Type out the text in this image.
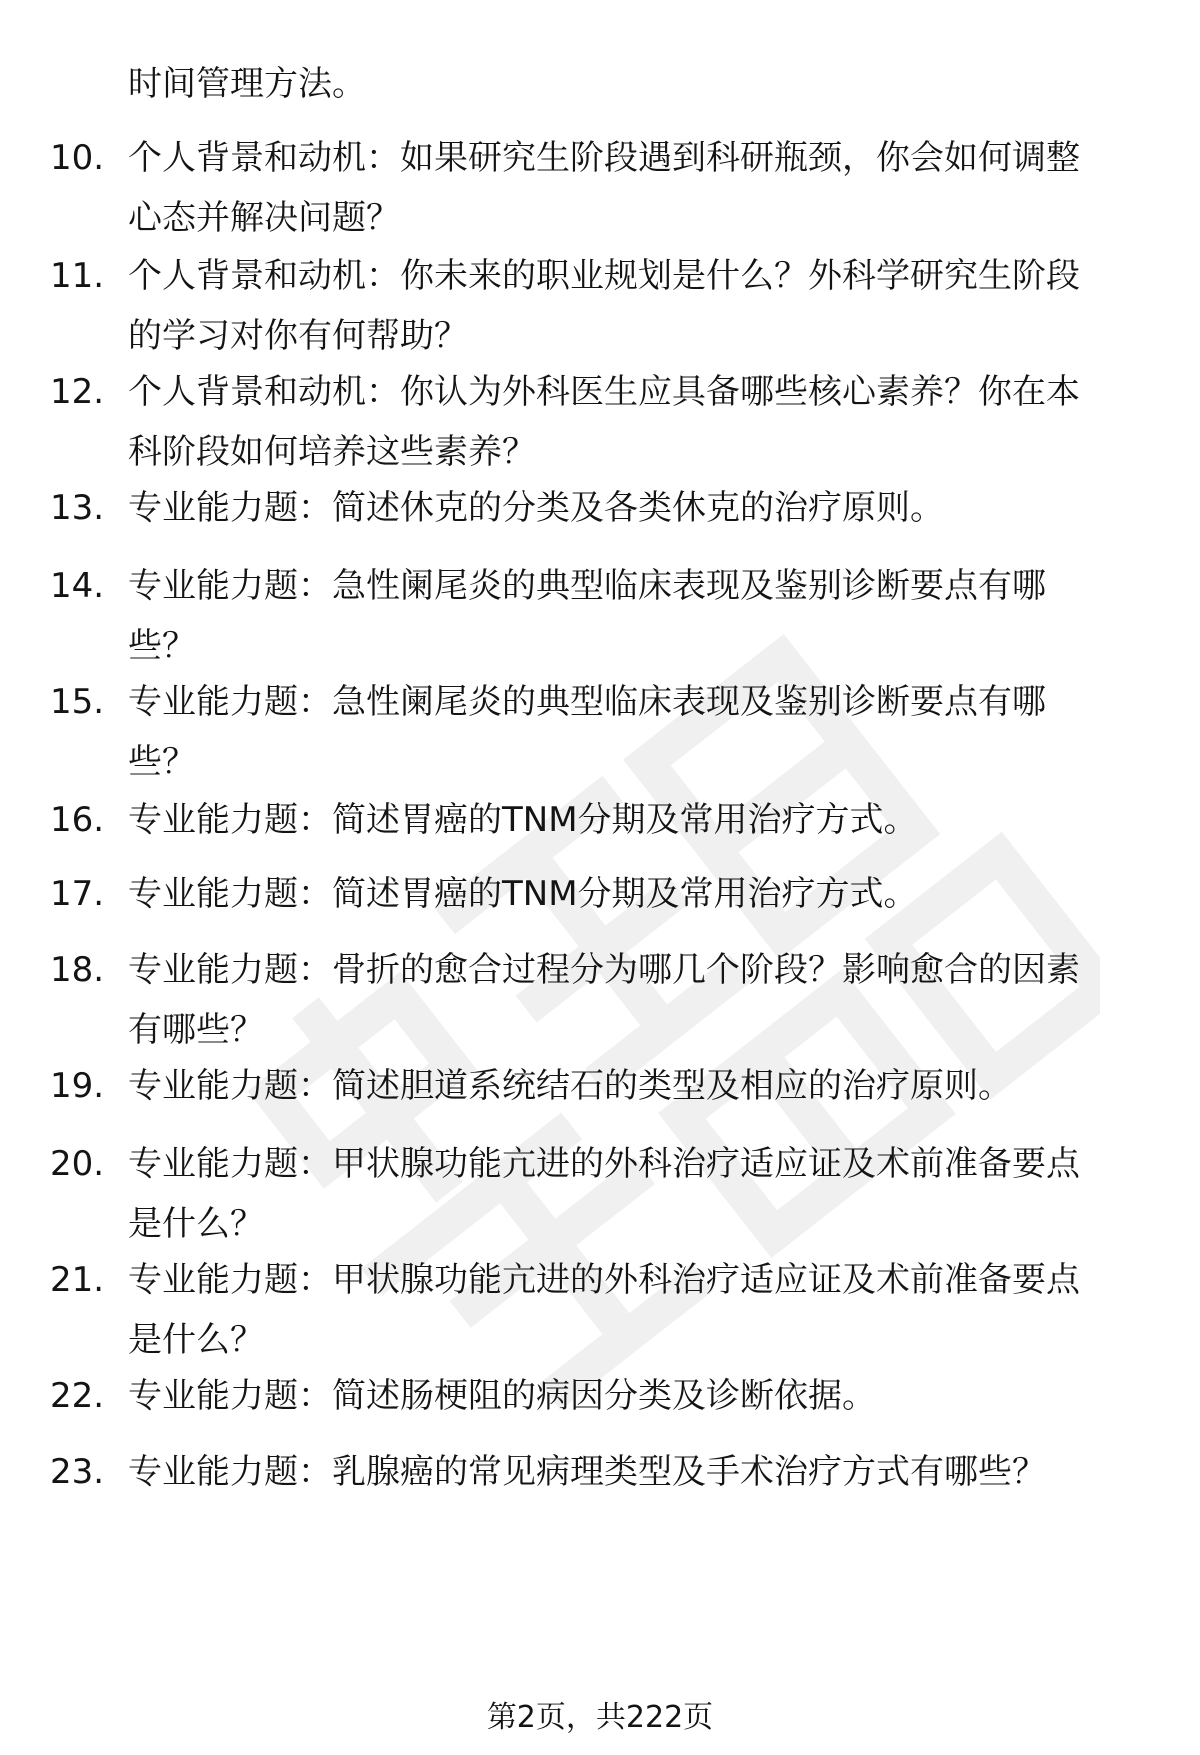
时间管理方法。
10. 个人背景和动机：如果研究生阶段遇到科研瓶颈，你会如何调整
心态并解决问题？
11. 个人背景和动机：你未来的职业规划是什么？外科学研究生阶段
的学习对你有何帮助？
12. 个人背景和动机：你认为外科医生应具备哪些核心素养？你在本
科阶段如何培养这些素养？
13. 专业能力题：简述休克的分类及各类休克的治疗原则。
14. 专业能力题：急性阑尾炎的典型临床表现及鉴别诊断要点有哪
些？
15. 专业能力题：急性阑尾炎的典型临床表现及鉴别诊断要点有哪
些？
16. 专业能力题：简述胃癌的TNM分期及常用治疗方式。
17. 专业能力题：简述胃癌的TNM分期及常用治疗方式。
18. 专业能力题：骨折的愈合过程分为哪几个阶段？影响愈合的因素
有哪些？
19. 专业能力题：简述胆道系统结石的类型及相应的治疗原则。
20. 专业能力题：甲状腺功能亢进的外科治疗适应证及术前准备要点
是什么？
21. 专业能力题：甲状腺功能亢进的外科治疗适应证及术前准备要点
是什么？
22. 专业能力题：简述肠梗阻的病因分类及诊断依据。
23. 专业能力题：乳腺癌的常见病理类型及手术治疗方式有哪些？
第2页，共222页
